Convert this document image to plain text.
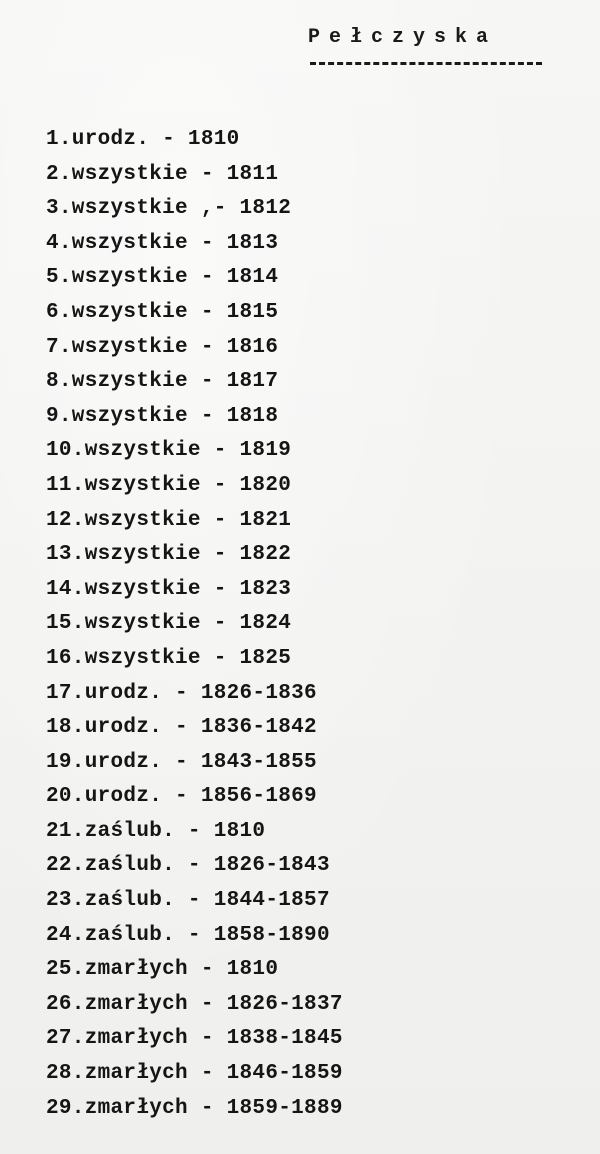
Pełczyska
1.urodz. - 1810
2.wszystkie - 1811
3.wszystkie ,- 1812
4.wszystkie - 1813
5.wszystkie - 1814
6.wszystkie - 1815
7.wszystkie - 1816
8.wszystkie - 1817
9.wszystkie - 1818
10.wszystkie - 1819
11.wszystkie - 1820
12.wszystkie - 1821
13.wszystkie - 1822
14.wszystkie - 1823
15.wszystkie - 1824
16.wszystkie - 1825
17.urodz. - 1826-1836
18.urodz. - 1836-1842
19.urodz. - 1843-1855
20.urodz. - 1856-1869
21.zaślub. - 1810
22.zaślub. - 1826-1843
23.zaślub. - 1844-1857
24.zaślub. - 1858-1890
25.zmarłych - 1810
26.zmarłych - 1826-1837
27.zmarłych - 1838-1845
28.zmarłych - 1846-1859
29.zmarłych - 1859-1889
